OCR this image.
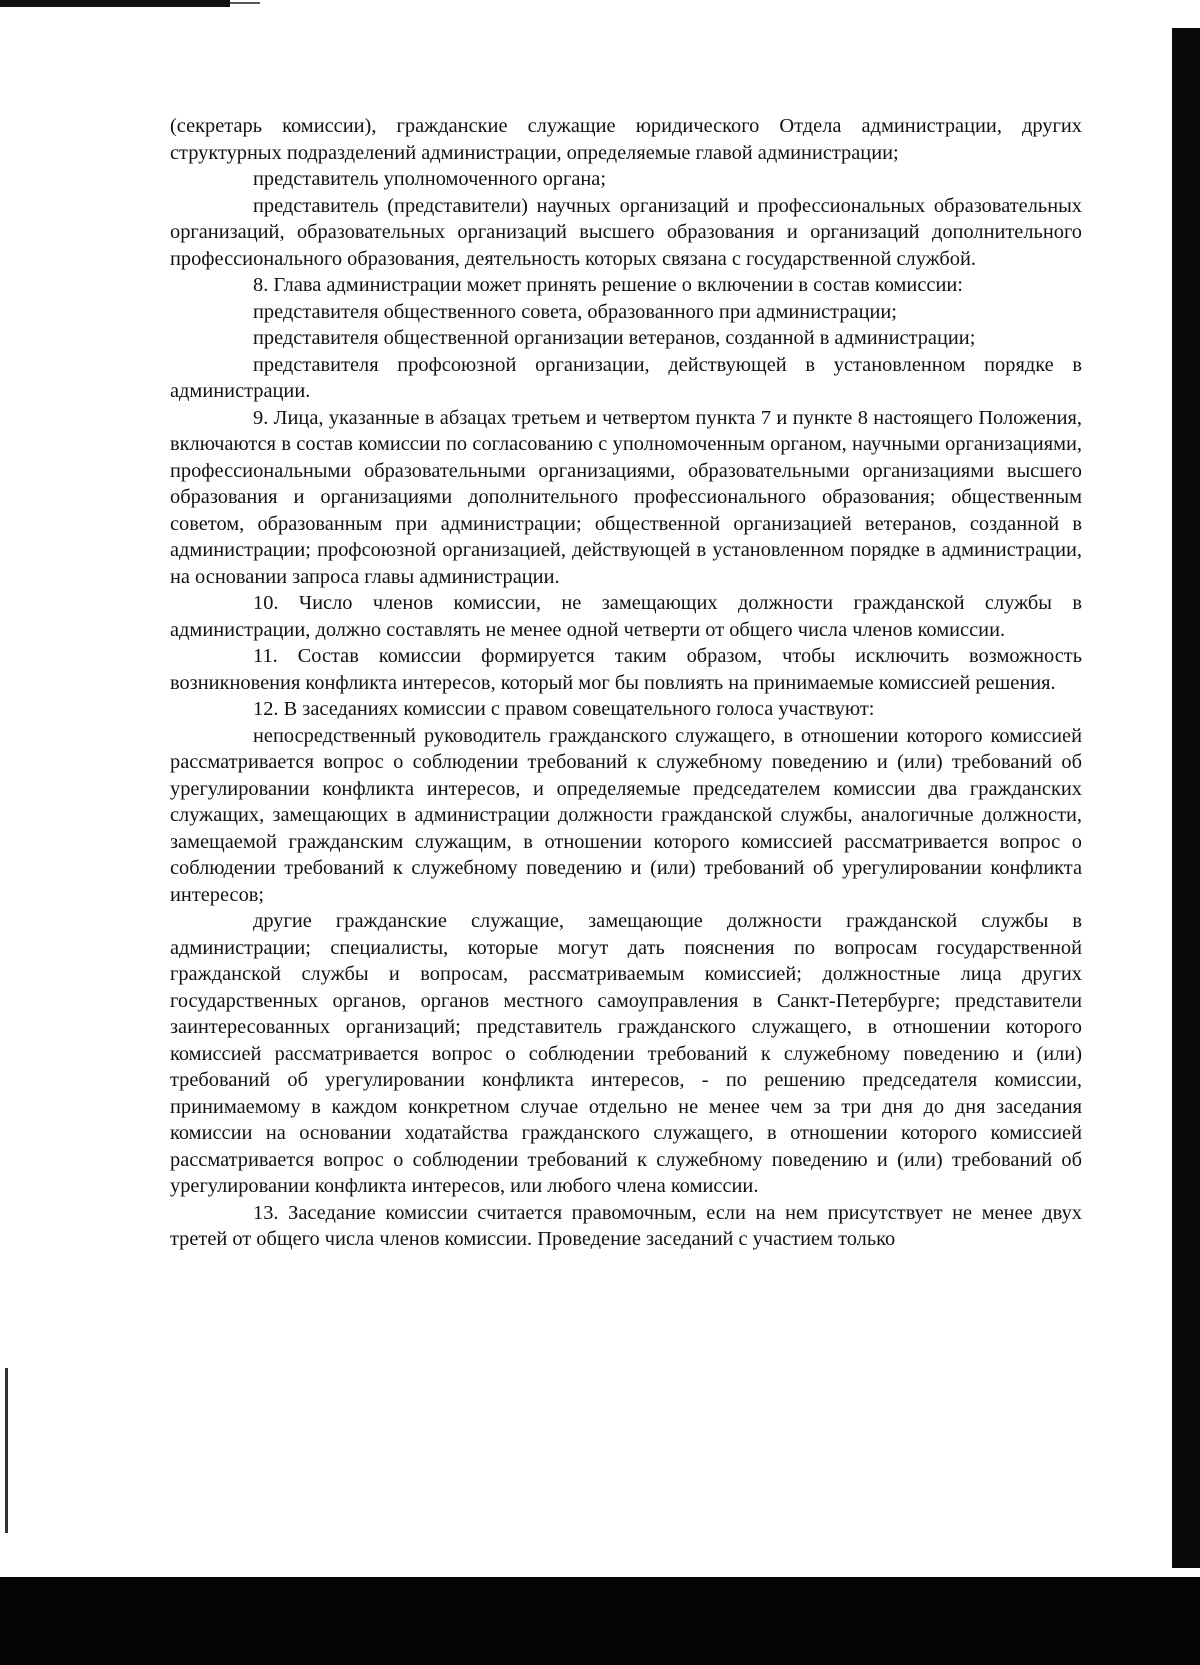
(секретарь комиссии), гражданские служащие юридического Отдела администрации, других структурных подразделений администрации, определяемые главой администрации;

представитель уполномоченного органа;

представитель (представители) научных организаций и профессиональных образовательных организаций, образовательных организаций высшего образования и организаций дополнительного профессионального образования, деятельность которых связана с государственной службой.

8. Глава администрации может принять решение о включении в состав комиссии:

представителя общественного совета, образованного при администрации;

представителя общественной организации ветеранов, созданной в администрации;

представителя профсоюзной организации, действующей в установленном порядке в администрации.

9. Лица, указанные в абзацах третьем и четвертом пункта 7 и пункте 8 настоящего Положения, включаются в состав комиссии по согласованию с уполномоченным органом, научными организациями, профессиональными образовательными организациями, образовательными организациями высшего образования и организациями дополнительного профессионального образования; общественным советом, образованным при администрации; общественной организацией ветеранов, созданной в администрации; профсоюзной организацией, действующей в установленном порядке в администрации, на основании запроса главы администрации.

10. Число членов комиссии, не замещающих должности гражданской службы в администрации, должно составлять не менее одной четверти от общего числа членов комиссии.

11. Состав комиссии формируется таким образом, чтобы исключить возможность возникновения конфликта интересов, который мог бы повлиять на принимаемые комиссией решения.

12. В заседаниях комиссии с правом совещательного голоса участвуют:

непосредственный руководитель гражданского служащего, в отношении которого комиссией рассматривается вопрос о соблюдении требований к служебному поведению и (или) требований об урегулировании конфликта интересов, и определяемые председателем комиссии два гражданских служащих, замещающих в администрации должности гражданской службы, аналогичные должности, замещаемой гражданским служащим, в отношении которого комиссией рассматривается вопрос о соблюдении требований к служебному поведению и (или) требований об урегулировании конфликта интересов;

другие гражданские служащие, замещающие должности гражданской службы в администрации; специалисты, которые могут дать пояснения по вопросам государственной гражданской службы и вопросам, рассматриваемым комиссией; должностные лица других государственных органов, органов местного самоуправления в Санкт-Петербурге; представители заинтересованных организаций; представитель гражданского служащего, в отношении которого комиссией рассматривается вопрос о соблюдении требований к служебному поведению и (или) требований об урегулировании конфликта интересов, - по решению председателя комиссии, принимаемому в каждом конкретном случае отдельно не менее чем за три дня до дня заседания комиссии на основании ходатайства гражданского служащего, в отношении которого комиссией рассматривается вопрос о соблюдении требований к служебному поведению и (или) требований об урегулировании конфликта интересов, или любого члена комиссии.

13. Заседание комиссии считается правомочным, если на нем присутствует не менее двух третей от общего числа членов комиссии. Проведение заседаний с участием только
